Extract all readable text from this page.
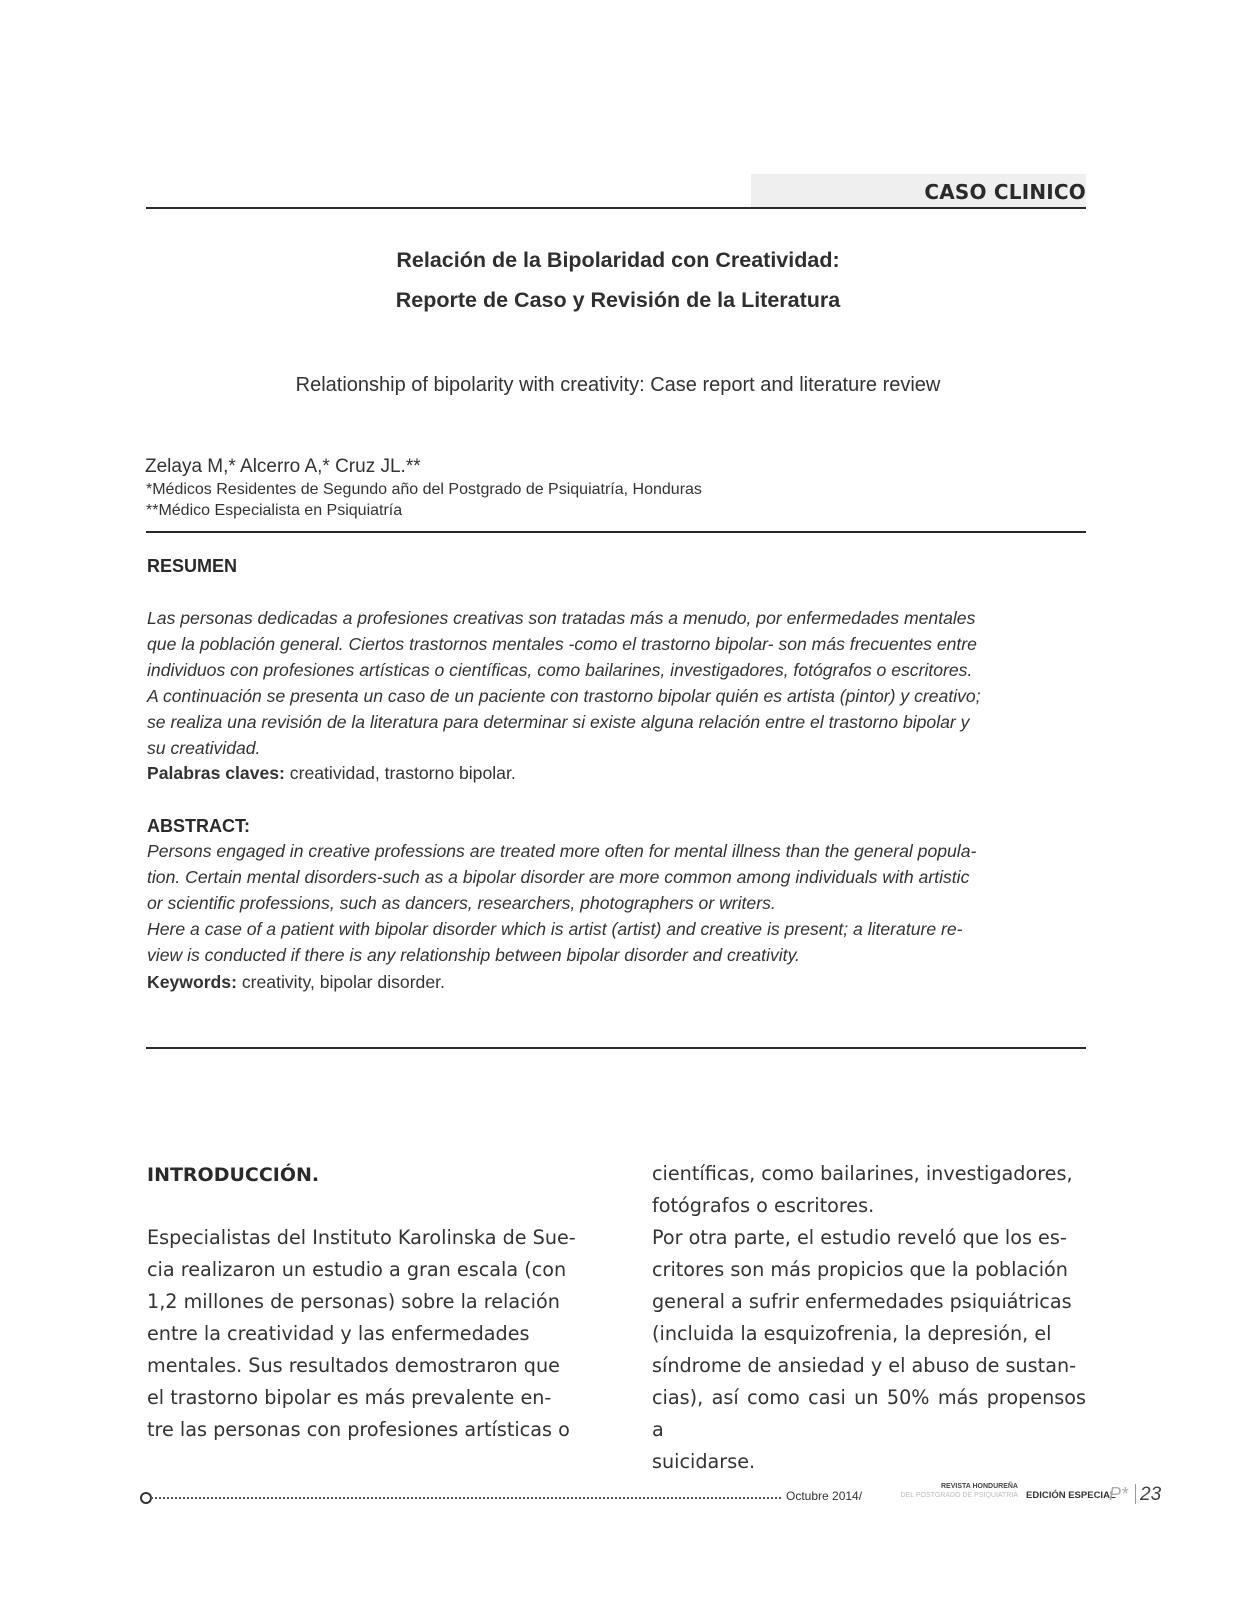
CASO CLINICO
Relación de la Bipolaridad con Creatividad:
Reporte de Caso y Revisión de la Literatura
Relationship of bipolarity with creativity: Case report and literature review
Zelaya M,* Alcerro A,* Cruz JL.**
*Médicos Residentes de Segundo año del Postgrado de Psiquiatría, Honduras
**Médico Especialista en Psiquiatría
RESUMEN

Las personas dedicadas a profesiones creativas son tratadas más a menudo, por enfermedades mentales

que la población general. Ciertos trastornos mentales -como el trastorno bipolar- son más frecuentes entre

individuos con profesiones artísticas o científicas, como bailarines, investigadores, fotógrafos o escritores.

A continuación se presenta un caso de un paciente con trastorno bipolar quién es artista (pintor) y creativo;

se realiza una revisión de la literatura para determinar si existe alguna relación entre el trastorno bipolar y

su creatividad.

Palabras claves: creatividad, trastorno bipolar.
ABSTRACT:

Persons engaged in creative professions are treated more often for mental illness than the general popula-

tion. Certain mental disorders-such as a bipolar disorder are more common among individuals with artistic

or scientific professions, such as dancers, researchers, photographers or writers.

Here a case of a patient with bipolar disorder which is artist (artist) and creative is present; a literature re-

view is conducted if there is any relationship between bipolar disorder and creativity.

Keywords: creativity, bipolar disorder.
INTRODUCCIÓN.

Especialistas del Instituto Karolinska de Sue-

cia realizaron un estudio a gran escala (con

1,2 millones de personas) sobre la relación

entre la creatividad y las enfermedades

mentales. Sus resultados demostraron que

el trastorno bipolar es más prevalente en-

tre las personas con profesiones artísticas o

científicas, como bailarines, investigadores,

fotógrafos o escritores.

Por otra parte, el estudio reveló que los es-

critores son más propicios que la población

general a sufrir enfermedades psiquiátricas

(incluida la esquizofrenia, la depresión, el

síndrome de ansiedad y el abuso de sustan-

cias), así como casi un 50% más propensos a

suicidarse.

Octubre 2014/
REVISTA HONDUREÑA
DEL POSTGRADO DE PSIQUIATRIA EDICIÓN ESPECIAL
P* 23
